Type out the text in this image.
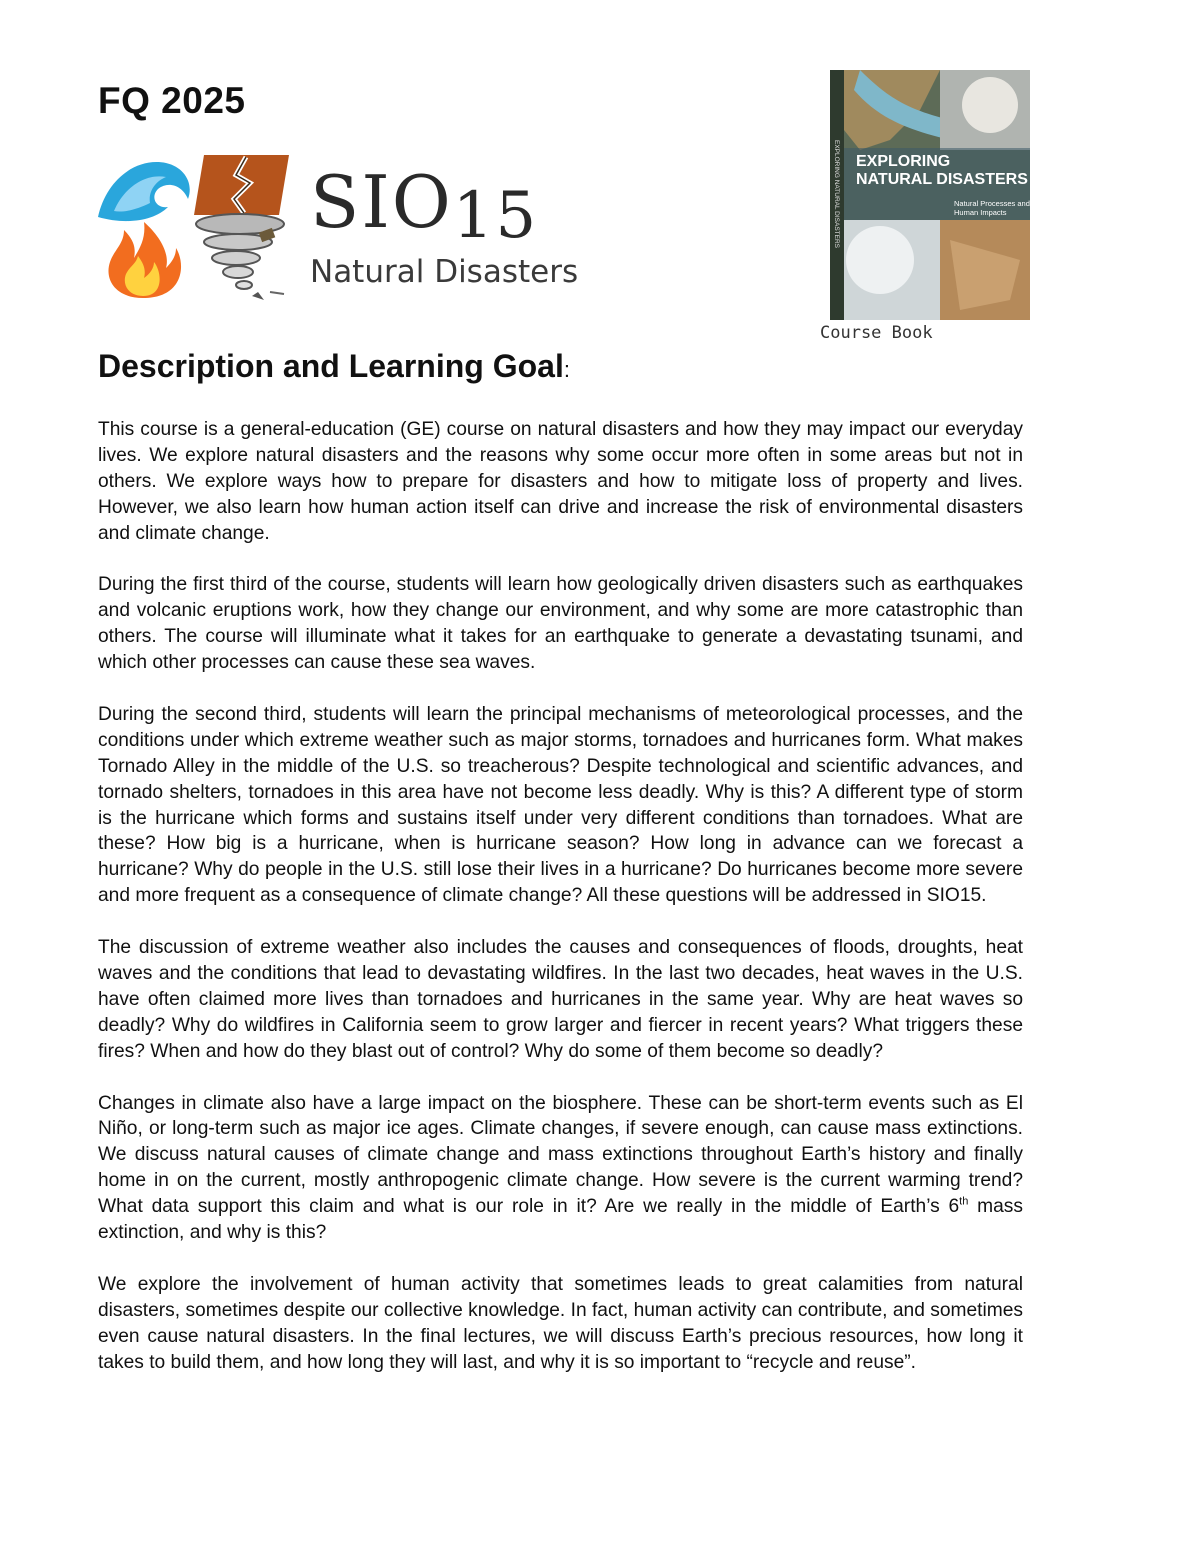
FQ 2025
SIO15
Natural Disasters
EXPLORING
NATURAL DISASTERS
Natural Processes and
Human Impacts
EXPLORING NATURAL DISASTERS
Course Book
Description and Learning Goal:

This course is a general-education (GE) course on natural disasters and how they may impact our everyday lives. We explore natural disasters and the reasons why some occur more often in some areas but not in others. We explore ways how to prepare for disasters and how to mitigate loss of property and lives. However, we also learn how human action itself can drive and increase the risk of environmental disasters and climate change.

During the first third of the course, students will learn how geologically driven disasters such as earthquakes and volcanic eruptions work, how they change our environment, and why some are more catastrophic than others. The course will illuminate what it takes for an earthquake to generate a devastating tsunami, and which other processes can cause these sea waves.

During the second third, students will learn the principal mechanisms of meteorological processes, and the conditions under which extreme weather such as major storms, tornadoes and hurricanes form. What makes Tornado Alley in the middle of the U.S. so treacherous? Despite technological and scientific advances, and tornado shelters, tornadoes in this area have not become less deadly. Why is this? A different type of storm is the hurricane which forms and sustains itself under very different conditions than tornadoes. What are these? How big is a hurricane, when is hurricane season? How long in advance can we forecast a hurricane? Why do people in the U.S. still lose their lives in a hurricane? Do hurricanes become more severe and more frequent as a consequence of climate change? All these questions will be addressed in SIO15.

The discussion of extreme weather also includes the causes and consequences of floods, droughts, heat waves and the conditions that lead to devastating wildfires. In the last two decades, heat waves in the U.S. have often claimed more lives than tornadoes and hurricanes in the same year. Why are heat waves so deadly? Why do wildfires in California seem to grow larger and fiercer in recent years? What triggers these fires? When and how do they blast out of control? Why do some of them become so deadly?

Changes in climate also have a large impact on the biosphere. These can be short-term events such as El Niño, or long-term such as major ice ages. Climate changes, if severe enough, can cause mass extinctions. We discuss natural causes of climate change and mass extinctions throughout Earth’s history and finally home in on the current, mostly anthropogenic climate change. How severe is the current warming trend? What data support this claim and what is our role in it? Are we really in the middle of Earth’s 6th mass extinction, and why is this?

We explore the involvement of human activity that sometimes leads to great calamities from natural disasters, sometimes despite our collective knowledge. In fact, human activity can contribute, and sometimes even cause natural disasters. In the final lectures, we will discuss Earth’s precious resources, how long it takes to build them, and how long they will last, and why it is so important to “recycle and reuse”.
